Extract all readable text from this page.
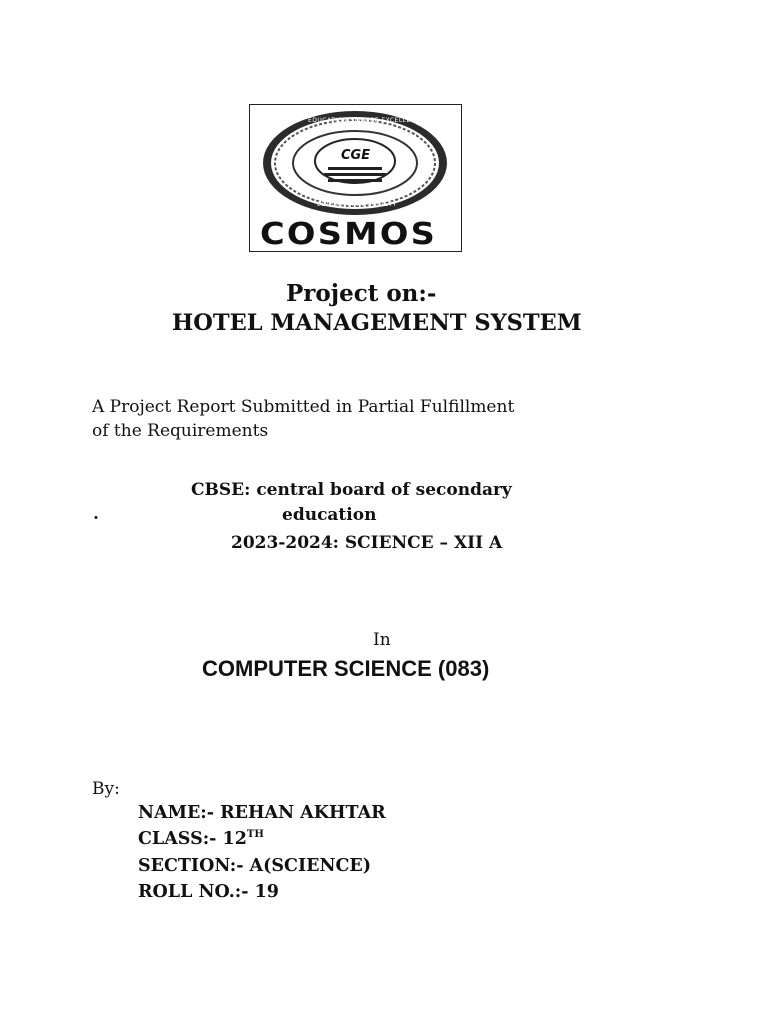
CGE
EDUCATION SERVICE EXCELLENCE
EDUCATIONAL SOCIETY
COSMOS
Project on:-
HOTEL MANAGEMENT SYSTEM
A Project Report Submitted in Partial Fulfillment
of the Requirements
CBSE: central board of secondary
.	education
2023-2024: SCIENCE – XII A
In
COMPUTER SCIENCE (083)
By:
NAME:- REHAN AKHTAR
CLASS:- 12TH
SECTION:- A(SCIENCE)
ROLL NO.:- 19
